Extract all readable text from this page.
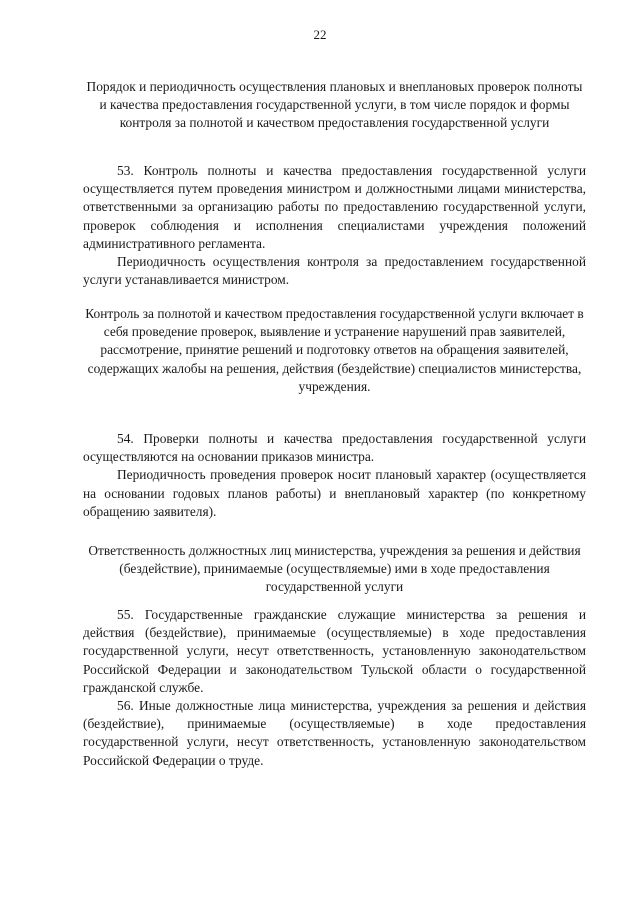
22
Порядок и периодичность осуществления плановых и внеплановых проверок полноты и качества предоставления государственной услуги, в том числе порядок и формы контроля за полнотой и качеством предоставления государственной услуги

53. Контроль полноты и качества предоставления государственной услуги осуществляется путем проведения министром и должностными лицами министерства, ответственными за организацию работы по предоставлению государственной услуги, проверок соблюдения и исполнения специалистами учреждения положений административного регламента.

Периодичность осуществления контроля за предоставлением государственной услуги устанавливается министром.

Контроль за полнотой и качеством предоставления государственной услуги включает в себя проведение проверок, выявление и устранение нарушений прав заявителей, рассмотрение, принятие решений и подготовку ответов на обращения заявителей, содержащих жалобы на решения, действия (бездействие) специалистов министерства, учреждения.

54. Проверки полноты и качества предоставления государственной услуги осуществляются на основании приказов министра.

Периодичность проведения проверок носит плановый характер (осуществляется на основании годовых планов работы) и внеплановый характер (по конкретному обращению заявителя).

Ответственность должностных лиц министерства, учреждения за решения и действия (бездействие), принимаемые (осуществляемые) ими в ходе предоставления государственной услуги

55. Государственные гражданские служащие министерства за решения и действия (бездействие), принимаемые (осуществляемые) в ходе предоставления государственной услуги, несут ответственность, установленную законодательством Российской Федерации и законодательством Тульской области о государственной гражданской службе.

56. Иные должностные лица министерства, учреждения за решения и действия (бездействие), принимаемые (осуществляемые) в ходе предоставления государственной услуги, несут ответственность, установленную законодательством Российской Федерации о труде.
